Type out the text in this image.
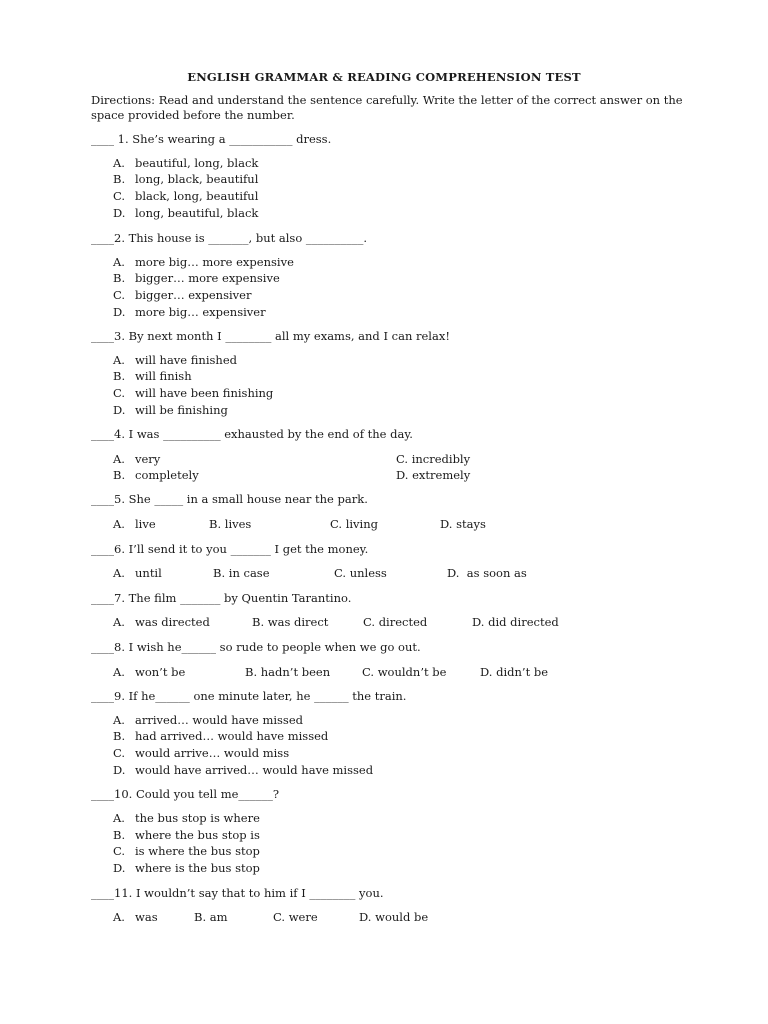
ENGLISH GRAMMAR & READING COMPREHENSION TEST
Directions: Read and understand the sentence carefully. Write the letter of the correct answer on the space provided before the number.
____ 1. She’s wearing a ___________ dress.
A. beautiful, long, black
B. long, black, beautiful
C. black, long, beautiful
D. long, beautiful, black
____2. This house is _______, but also __________.
A. more big… more expensive
B. bigger… more expensive
C. bigger… expensiver
D. more big… expensiver
____3. By next month I ________ all my exams, and I can relax!
A. will have finished
B. will finish
C. will have been finishing
D. will be finishing
____4. I was __________ exhausted by the end of the day.
A. very
B. completely
C. incredibly
D. extremely
____5. She _____ in a small house near the park.
A. live	B. lives	C. living	D. stays
____6. I’ll send it to you _______ I get the money.
A. until	B. in case	C. unless	D.  as soon as
____7. The film _______ by Quentin Tarantino.
A. was directed	B. was direct	C. directed	D. did directed
____8. I wish he______ so rude to people when we go out.
A. won’t be	B. hadn’t been	C. wouldn’t be	D. didn’t be
____9. If he______ one minute later, he ______ the train.
A. arrived… would have missed
B. had arrived… would have missed
C. would arrive… would miss
D. would have arrived… would have missed
____10. Could you tell me______?
A. the bus stop is where
B. where the bus stop is
C. is where the bus stop
D. where is the bus stop
____11. I wouldn’t say that to him if I ________ you.
A. was	B. am	C. were	D. would be
